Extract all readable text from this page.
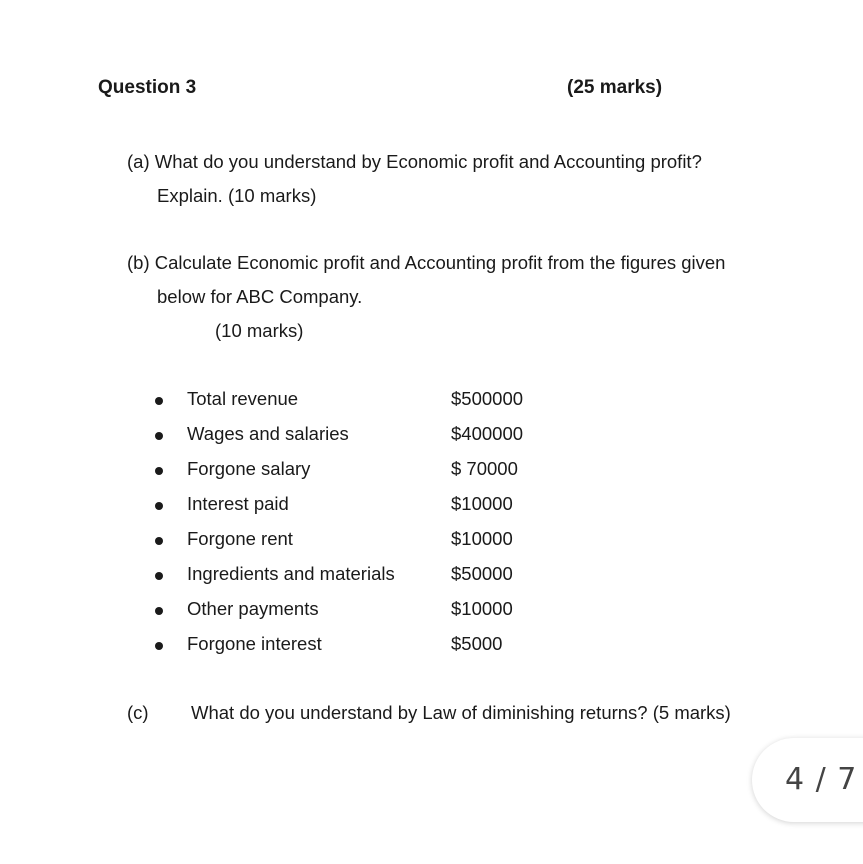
Question 3	(25 marks)
(a) What do you understand by Economic profit and Accounting profit?
Explain. (10 marks)
(b) Calculate Economic profit and Accounting profit from the figures given
below for ABC Company.
(10 marks)
Total revenue	$500000
Wages and salaries	$400000
Forgone salary	$ 70000
Interest paid	$10000
Forgone rent	$10000
Ingredients and materials	$50000
Other payments	$10000
Forgone interest	$5000
(c) What do you understand by Law of diminishing returns? (5 marks)
4 / 7
